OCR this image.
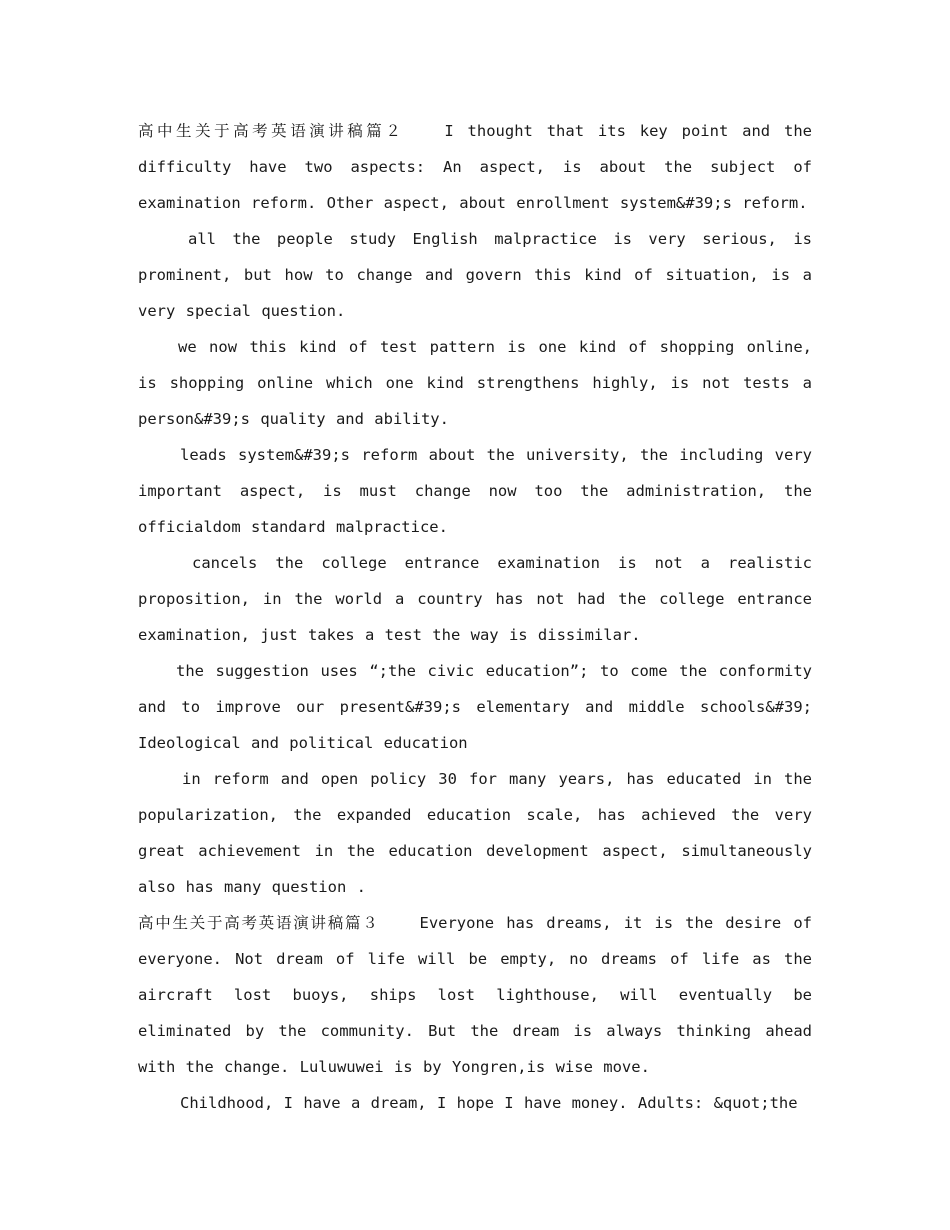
高中生关于高考英语演讲稿篇２	I thought that its key point and the difficulty have two aspects: An aspect, is about the subject of examination reform. Other aspect, about enrollment system&#39;s reform.

all the people study English malpractice is very serious, is prominent, but how to change and govern this kind of situation, is a very special question.

we now this kind of test pattern is one kind of shopping online, is shopping online which one kind strengthens highly, is not tests a person&#39;s quality and ability.

leads system&#39;s reform about the university, the including very important aspect, is must change now too the administration, the officialdom standard malpractice.

cancels the college entrance examination is not a realistic proposition, in the world a country has not had the college entrance examination, just takes a test the way is dissimilar.

the suggestion uses “;the civic education”; to come the conformity and to improve our present&#39;s elementary and middle schools&#39; Ideological and political education

in reform and open policy 30 for many years, has educated in the popularization, the expanded education scale, has achieved the very great achievement in the education development aspect, simultaneously also has many question .

高中生关于高考英语演讲稿篇３	Everyone has dreams, it is the desire of everyone. Not dream of life will be empty, no dreams of life as the aircraft lost buoys, ships lost lighthouse, will eventually be eliminated by the community. But the dream is always thinking ahead with the change. Luluwuwei is by Yongren,is wise move.

Childhood, I have a dream, I hope I have money. Adults: &quot;the
